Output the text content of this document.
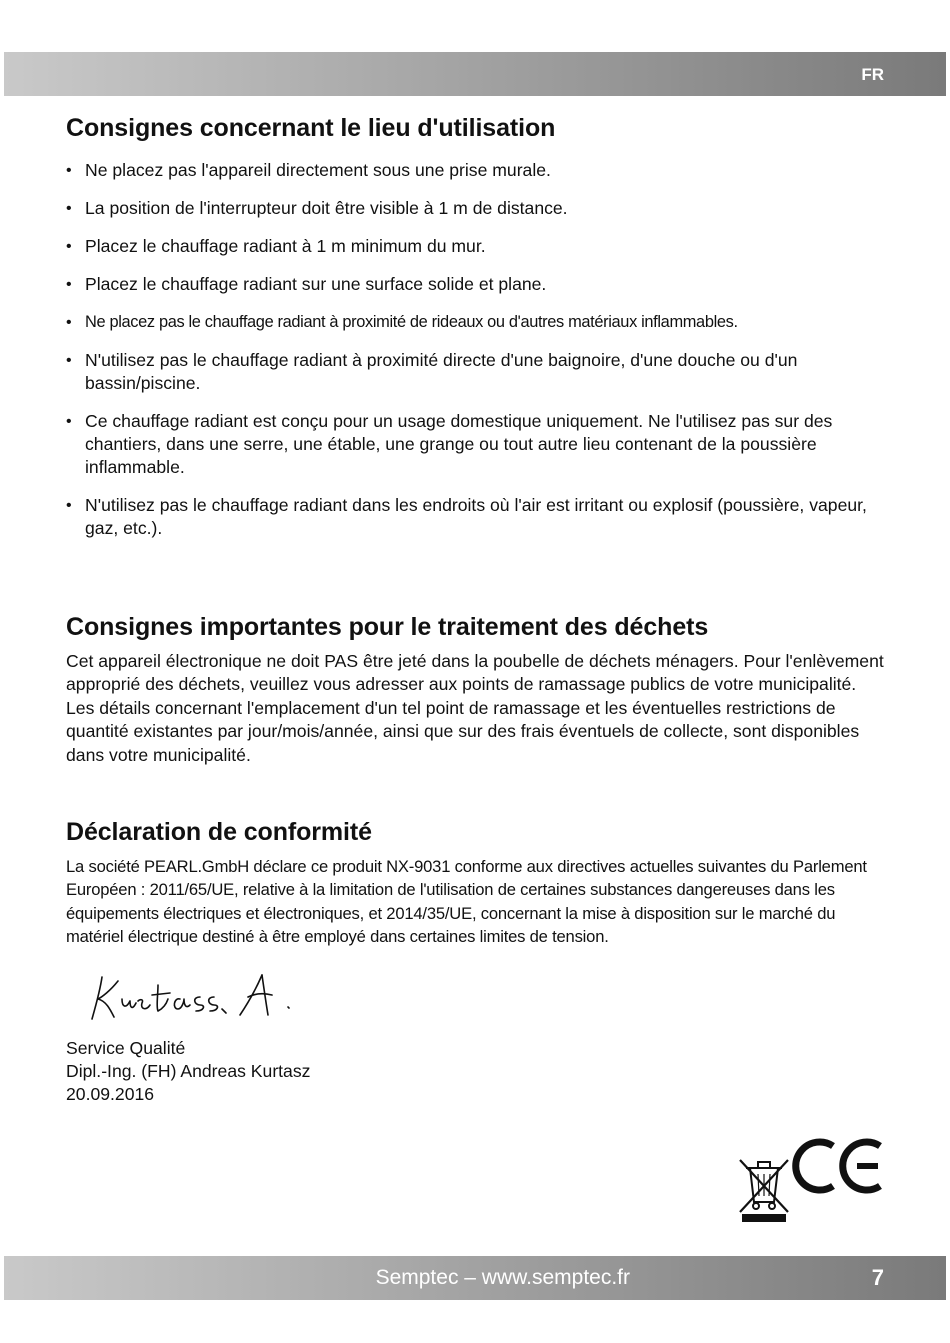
FR
Consignes concernant le lieu d'utilisation
• Ne placez pas l'appareil directement sous une prise murale.
• La position de l'interrupteur doit être visible à 1 m de distance.
• Placez le chauffage radiant à 1 m minimum du mur.
• Placez le chauffage radiant sur une surface solide et plane.
• Ne placez pas le chauffage radiant à proximité de rideaux ou d'autres matériaux inflammables.
• N'utilisez pas le chauffage radiant à proximité directe d'une baignoire, d'une douche ou d'un bassin/piscine.
• Ce chauffage radiant est conçu pour un usage domestique uniquement. Ne l'utilisez pas sur des chantiers, dans une serre, une étable, une grange ou tout autre lieu contenant de la poussière inflammable.
• N'utilisez pas le chauffage radiant dans les endroits où l'air est irritant ou explosif (poussière, vapeur, gaz, etc.).
Consignes importantes pour le traitement des déchets

Cet appareil électronique ne doit PAS être jeté dans la poubelle de déchets ménagers. Pour l'enlèvement approprié des déchets, veuillez vous adresser aux points de ramassage publics de votre municipalité. Les détails concernant l'emplacement d'un tel point de ramassage et les éventuelles restrictions de quantité existantes par jour/mois/année, ainsi que sur des frais éventuels de collecte, sont disponibles dans votre municipalité.

Déclaration de conformité

La société PEARL.GmbH déclare ce produit NX-9031 conforme aux directives actuelles suivantes du Parlement Européen : 2011/65/UE, relative à la limitation de l'utilisation de certaines substances dangereuses dans les équipements électriques et électroniques, et 2014/35/UE, concernant la mise à disposition sur le marché du matériel électrique destiné à être employé dans certaines limites de tension.

Service Qualité
Dipl.-Ing. (FH) Andreas Kurtasz
20.09.2016
Semptec – www.semptec.fr	7
